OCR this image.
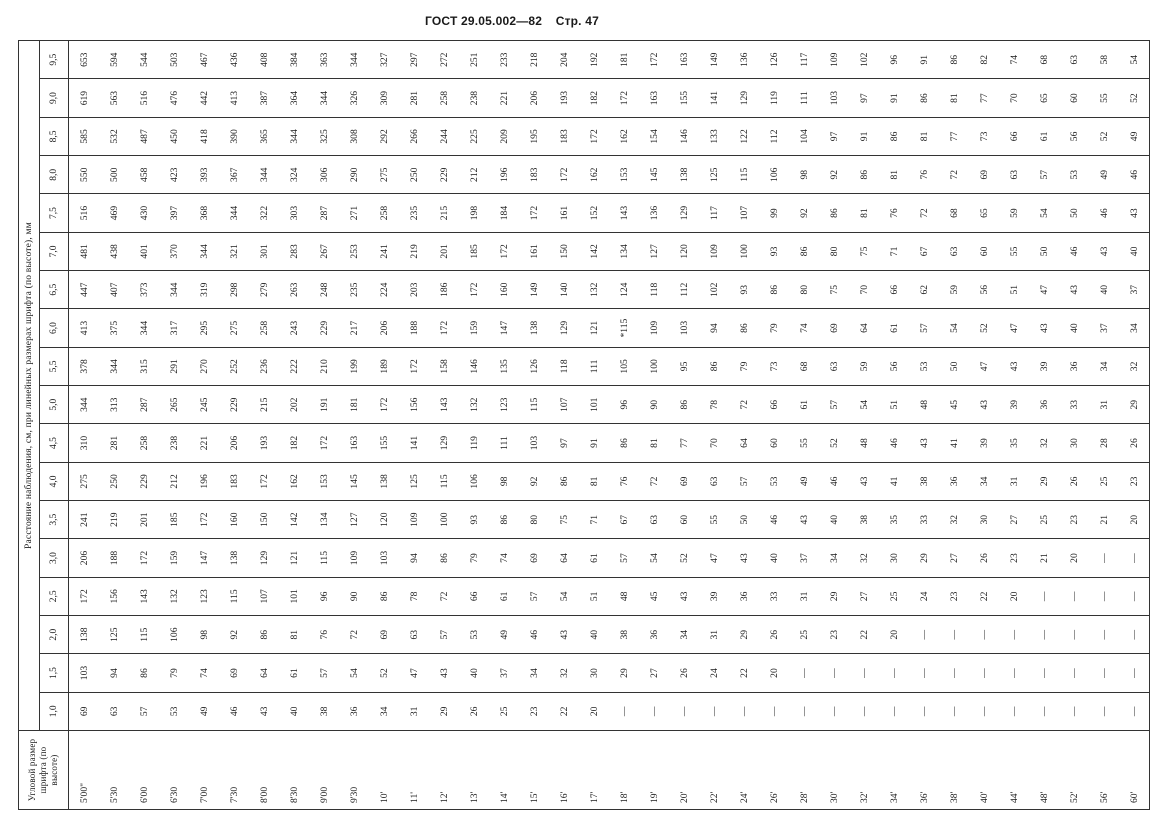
ГОСТ 29.05.002—82 Стр. 47
Угловой размер шрифта (по высоте)	Расстояние наблюдения, см, при линейных размерах шрифта (по высоте), мм																	
	1,0	1,5	2,0	2,5	3,0	3,5	4,0	4,5	5,0	5,5	6,0	6,5	7,0	7,5	8,0	8,5	9,0	9,5
5'00"	69	103	138	172	206	241	275	310	344	378	413	447	481	516	550	585	619	653
5'30	63	94	125	156	188	219	250	281	313	344	375	407	438	469	500	532	563	594
6'00	57	86	115	143	172	201	229	258	287	315	344	373	401	430	458	487	516	544
6'30	53	79	106	132	159	185	212	238	265	291	317	344	370	397	423	450	476	503
7'00	49	74	98	123	147	172	196	221	245	270	295	319	344	368	393	418	442	467
7'30	46	69	92	115	138	160	183	206	229	252	275	298	321	344	367	390	413	436
8'00	43	64	86	107	129	150	172	193	215	236	258	279	301	322	344	365	387	408
8'30	40	61	81	101	121	142	162	182	202	222	243	263	283	303	324	344	364	384
9'00	38	57	76	96	115	134	153	172	191	210	229	248	267	287	306	325	344	363
9'30	36	54	72	90	109	127	145	163	181	199	217	235	253	271	290	308	326	344
10'	34	52	69	86	103	120	138	155	172	189	206	224	241	258	275	292	309	327
11'	31	47	63	78	94	109	125	141	156	172	188	203	219	235	250	266	281	297
12'	29	43	57	72	86	100	115	129	143	158	172	186	201	215	229	244	258	272
13'	26	40	53	66	79	93	106	119	132	146	159	172	185	198	212	225	238	251
14'	25	37	49	61	74	86	98	111	123	135	147	160	172	184	196	209	221	233
15'	23	34	46	57	69	80	92	103	115	126	138	149	161	172	183	195	206	218
16'	22	32	43	54	64	75	86	97	107	118	129	140	150	161	172	183	193	204
17'	20	30	40	51	61	71	81	91	101	111	121	132	142	152	162	172	182	192
18'	—	29	38	48	57	67	76	86	96	105	*115	124	134	143	153	162	172	181
19'	—	27	36	45	54	63	72	81	90	100	109	118	127	136	145	154	163	172
20'	—	26	34	43	52	60	69	77	86	95	103	112	120	129	138	146	155	163
22'	—	24	31	39	47	55	63	70	78	86	94	102	109	117	125	133	141	149
24'	—	22	29	36	43	50	57	64	72	79	86	93	100	107	115	122	129	136
26'	—	20	26	33	40	46	53	60	66	73	79	86	93	99	106	112	119	126
28'	—	—	25	31	37	43	49	55	61	68	74	80	86	92	98	104	111	117
30'	—	—	23	29	34	40	46	52	57	63	69	75	80	86	92	97	103	109
32'	—	—	22	27	32	38	43	48	54	59	64	70	75	81	86	91	97	102
34'	—	—	20	25	30	35	41	46	51	56	61	66	71	76	81	86	91	96
36'	—	—	—	24	29	33	38	43	48	53	57	62	67	72	76	81	86	91
38'	—	—	—	23	27	32	36	41	45	50	54	59	63	68	72	77	81	86
40'	—	—	—	22	26	30	34	39	43	47	52	56	60	65	69	73	77	82
44'	—	—	—	20	23	27	31	35	39	43	47	51	55	59	63	66	70	74
48'	—	—	—	—	21	25	29	32	36	39	43	47	50	54	57	61	65	68
52'	—	—	—	—	20	23	26	30	33	36	40	43	46	50	53	56	60	63
56'	—	—	—	—	—	21	25	28	31	34	37	40	43	46	49	52	55	58
60'	—	—	—	—	—	20	23	26	29	32	34	37	40	43	46	49	52	54
